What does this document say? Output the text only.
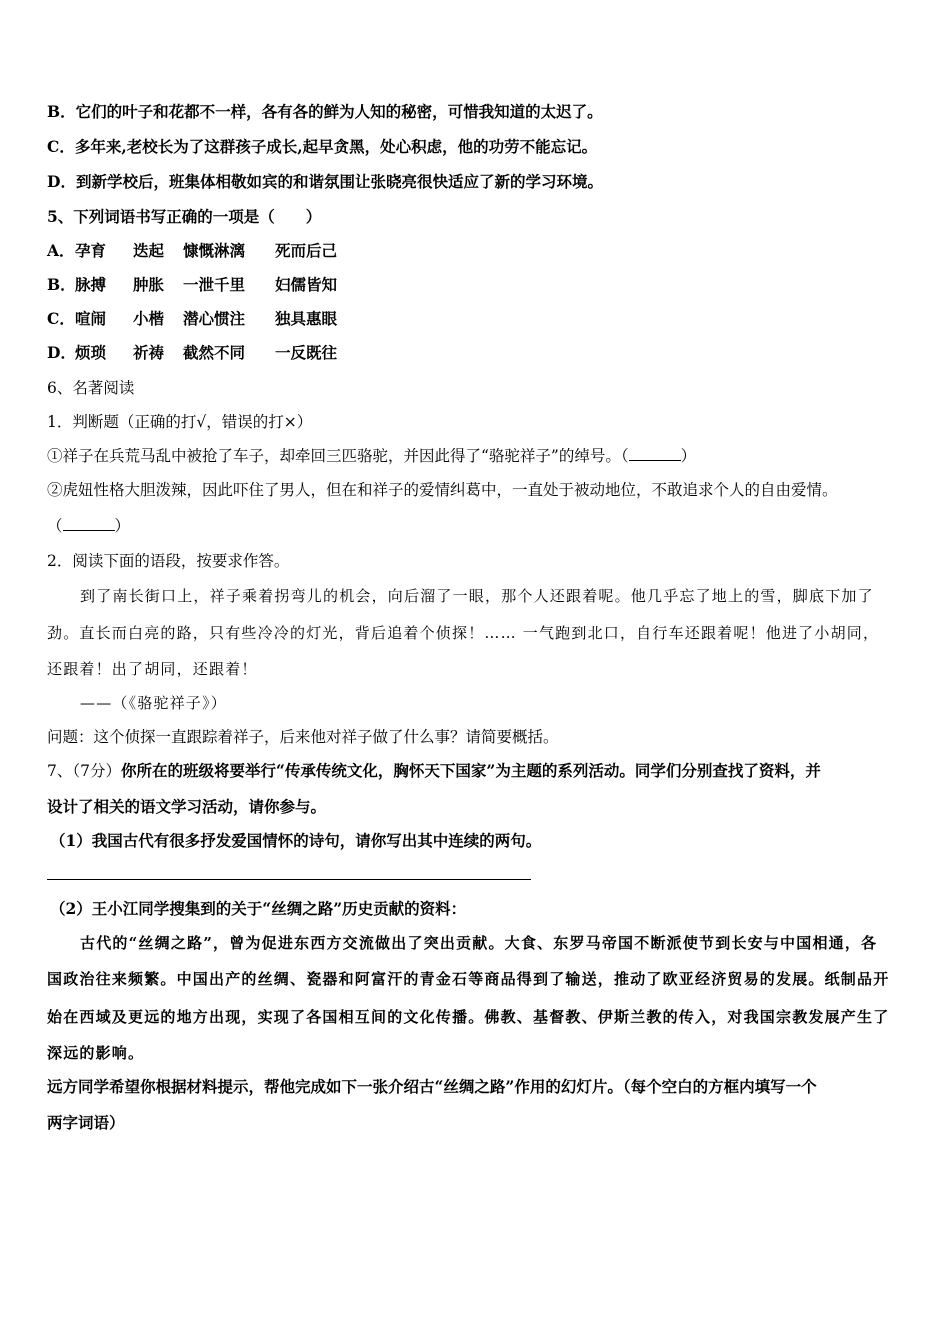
B．它们的叶子和花都不一样，各有各的鲜为人知的秘密，可惜我知道的太迟了。
C．多年来,老校长为了这群孩子成长,起早贪黑，处心积虑，他的功劳不能忘记。
D．到新学校后，班集体相敬如宾的和谐氛围让张晓亮很快适应了新的学习环境。
5、下列词语书写正确的一项是（　　）
A．孕育 迭起 慷慨淋漓 死而后己
B．脉搏 肿胀 一泄千里 妇儒皆知
C．喧闹 小楷 潜心惯注 独具惠眼
D．烦琐 祈祷 截然不同 一反既往
6、名著阅读
1．判断题（正确的打√，错误的打×）
①祥子在兵荒马乱中被抢了车子，却牵回三匹骆驼，并因此得了“骆驼祥子”的绰号。（	）
②虎妞性格大胆泼辣，因此吓住了男人，但在和祥子的爱情纠葛中，一直处于被动地位，不敢追求个人的自由爱情。
（	）
2．阅读下面的语段，按要求作答。
到了南长街口上，祥子乘着拐弯儿的机会，向后溜了一眼，那个人还跟着呢。他几乎忘了地上的雪，脚底下加了
劲。直长而白亮的路，只有些冷冷的灯光，背后追着个侦探！…… 一气跑到北口，自行车还跟着呢！他进了小胡同，
还跟着！出了胡同，还跟着！
——（《骆驼祥子》）
问题：这个侦探一直跟踪着祥子，后来他对祥子做了什么事？请简要概括。
7、（7分）你所在的班级将要举行“传承传统文化，胸怀天下国家”为主题的系列活动。同学们分别查找了资料，并
设计了相关的语文学习活动，请你参与。
（1）我国古代有很多抒发爱国情怀的诗句，请你写出其中连续的两句。
（2）王小江同学搜集到的关于“丝绸之路”历史贡献的资料：
古代的“丝绸之路”，曾为促进东西方交流做出了突出贡献。大食、东罗马帝国不断派使节到长安与中国相通，各
国政治往来频繁。中国出产的丝绸、瓷器和阿富汗的青金石等商品得到了输送，推动了欧亚经济贸易的发展。纸制品开
始在西域及更远的地方出现，实现了各国相互间的文化传播。佛教、基督教、伊斯兰教的传入，对我国宗教发展产生了
深远的影响。
远方同学希望你根据材料提示，帮他完成如下一张介绍古“丝绸之路”作用的幻灯片。（每个空白的方框内填写一个
两字词语）
